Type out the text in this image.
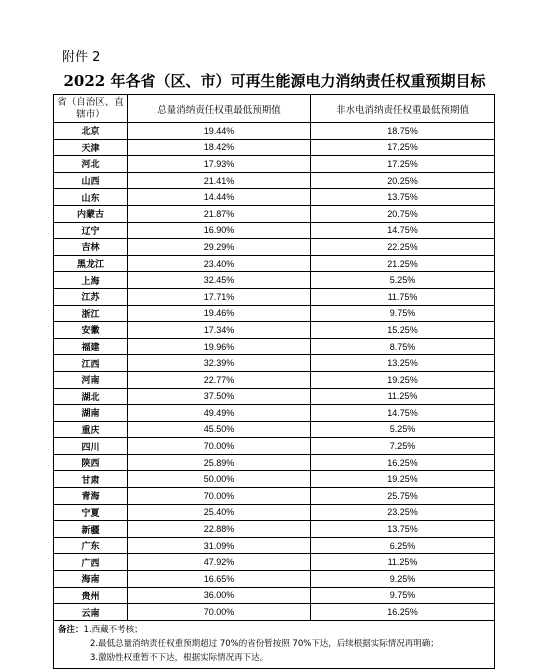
附件 2
2022 年各省（区、市）可再生能源电力消纳责任权重预期目标
省（自治区、直辖市）	总量消纳责任权重最低预期值	非水电消纳责任权重最低预期值
北京	19.44%	18.75%
天津	18.42%	17.25%
河北	17.93%	17.25%
山西	21.41%	20.25%
山东	14.44%	13.75%
内蒙古	21.87%	20.75%
辽宁	16.90%	14.75%
吉林	29.29%	22.25%
黑龙江	23.40%	21.25%
上海	32.45%	5.25%
江苏	17.71%	11.75%
浙江	19.46%	9.75%
安徽	17.34%	15.25%
福建	19.96%	8.75%
江西	32.39%	13.25%
河南	22.77%	19.25%
湖北	37.50%	11.25%
湖南	49.49%	14.75%
重庆	45.50%	5.25%
四川	70.00%	7.25%
陕西	25.89%	16.25%
甘肃	50.00%	19.25%
青海	70.00%	25.75%
宁夏	25.40%	23.25%
新疆	22.88%	13.75%
广东	31.09%	6.25%
广西	47.92%	11.25%
海南	16.65%	9.25%
贵州	36.00%	9.75%
云南	70.00%	16.25%
备注：1.西藏不考核；
2.最低总量消纳责任权重预期超过 70%的省份暂按照 70%下达，后续根据实际情况再明确；
3.激励性权重暂不下达，根据实际情况再下达。		
